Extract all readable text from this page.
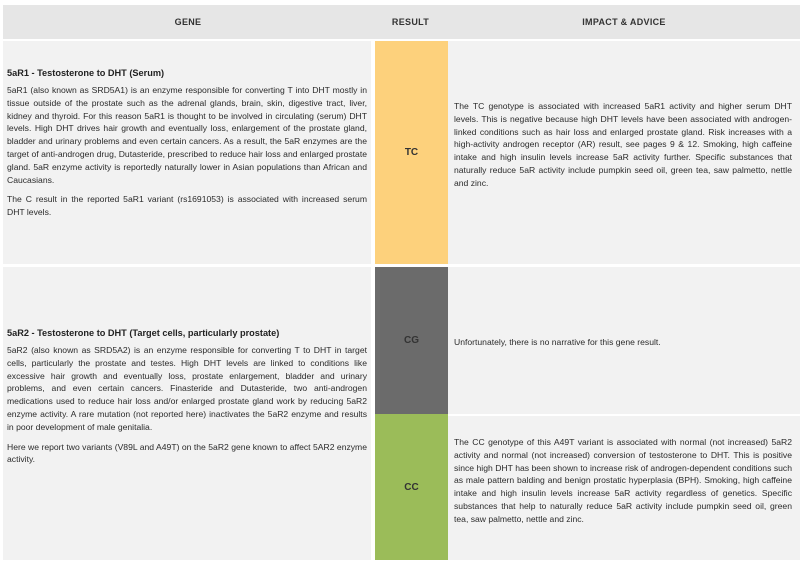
GENE	RESULT	IMPACT & ADVICE
5aR1 - Testosterone to DHT (Serum)

5aR1 (also known as SRD5A1) is an enzyme responsible for converting T into DHT mostly in tissue outside of the prostate such as the adrenal glands, brain, skin, digestive tract, liver, kidney and thyroid. For this reason 5aR1 is thought to be involved in circulating (serum) DHT levels. High DHT drives hair growth and eventually loss, enlargement of the prostate gland, bladder and urinary problems and even certain cancers. As a result, the 5aR enzymes are the target of anti-androgen drug, Dutasteride, prescribed to reduce hair loss and enlarged prostate gland. 5aR enzyme activity is reportedly naturally lower in Asian populations than African and Caucasians.

The C result in the reported 5aR1 variant (rs1691053) is associated with increased serum DHT levels.

TC

The TC genotype is associated with increased 5aR1 activity and higher serum DHT levels. This is negative because high DHT levels have been associated with androgen-linked conditions such as hair loss and enlarged prostate gland. Risk increases with a high-activity androgen receptor (AR) result, see pages 9 & 12. Smoking, high caffeine intake and high insulin levels increase 5aR activity further. Specific substances that naturally reduce 5aR activity include pumpkin seed oil, green tea, saw palmetto, nettle and zinc.

5aR2 - Testosterone to DHT (Target cells, particularly prostate)

5aR2 (also known as SRD5A2) is an enzyme responsible for converting T to DHT in target cells, particularly the prostate and testes. High DHT levels are linked to conditions like excessive hair growth and eventually loss, prostate enlargement, bladder and urinary problems, and even certain cancers. Finasteride and Dutasteride, two anti-androgen medications used to reduce hair loss and/or enlarged prostate gland work by reducing 5aR2 enzyme activity. A rare mutation (not reported here) inactivates the 5aR2 enzyme and results in poor development of male genitalia.

Here we report two variants (V89L and A49T) on the 5aR2 gene known to affect 5AR2 enzyme activity.

CG
CC

Unfortunately, there is no narrative for this gene result.

The CC genotype of this A49T variant is associated with normal (not increased) 5aR2 activity and normal (not increased) conversion of testosterone to DHT. This is positive since high DHT has been shown to increase risk of androgen-dependent conditions such as male pattern balding and benign prostatic hyperplasia (BPH). Smoking, high caffeine intake and high insulin levels increase 5aR activity regardless of genetics. Specific substances that help to naturally reduce 5aR activity include pumpkin seed oil, green tea, saw palmetto, nettle and zinc.
